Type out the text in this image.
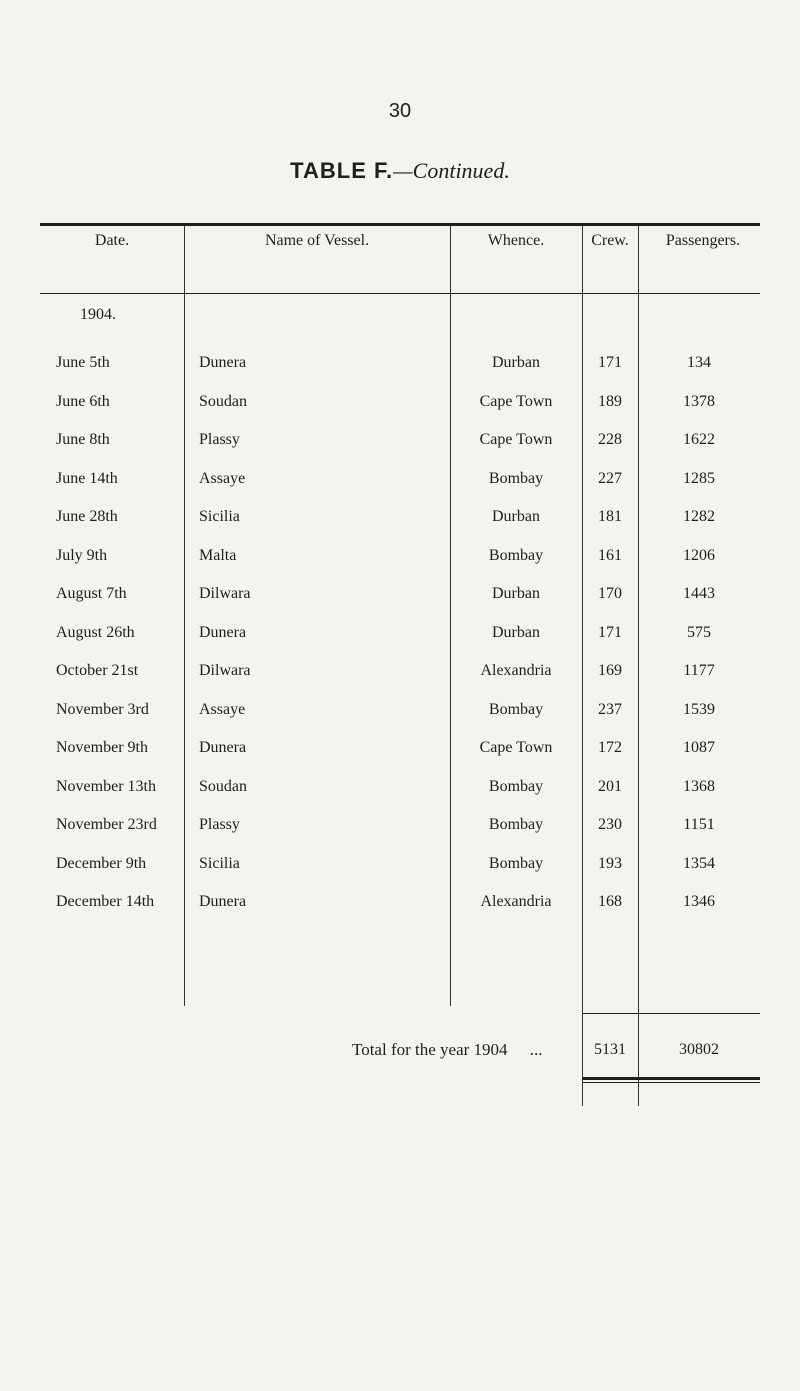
30
TABLE F.—Continued.
Date.	Name of Vessel.	Whence.	Crew.	Passengers.
1904.
June 5th	Dunera	Durban	171	134
June 6th	Soudan	Cape Town	189	1378
June 8th	Plassy	Cape Town	228	1622
June 14th	Assaye	Bombay	227	1285
June 28th	Sicilia	Durban	181	1282
July 9th	Malta	Bombay	161	1206
August 7th	Dilwara	Durban	170	1443
August 26th	Dunera	Durban	171	575
October 21st	Dilwara	Alexandria	169	1177
November 3rd	Assaye	Bombay	237	1539
November 9th	Dunera	Cape Town	172	1087
November 13th	Soudan	Bombay	201	1368
November 23rd	Plassy	Bombay	230	1151
December 9th	Sicilia	Bombay	193	1354
December 14th	Dunera	Alexandria	168	1346
Total for the year 1904 ...	5131	30802
